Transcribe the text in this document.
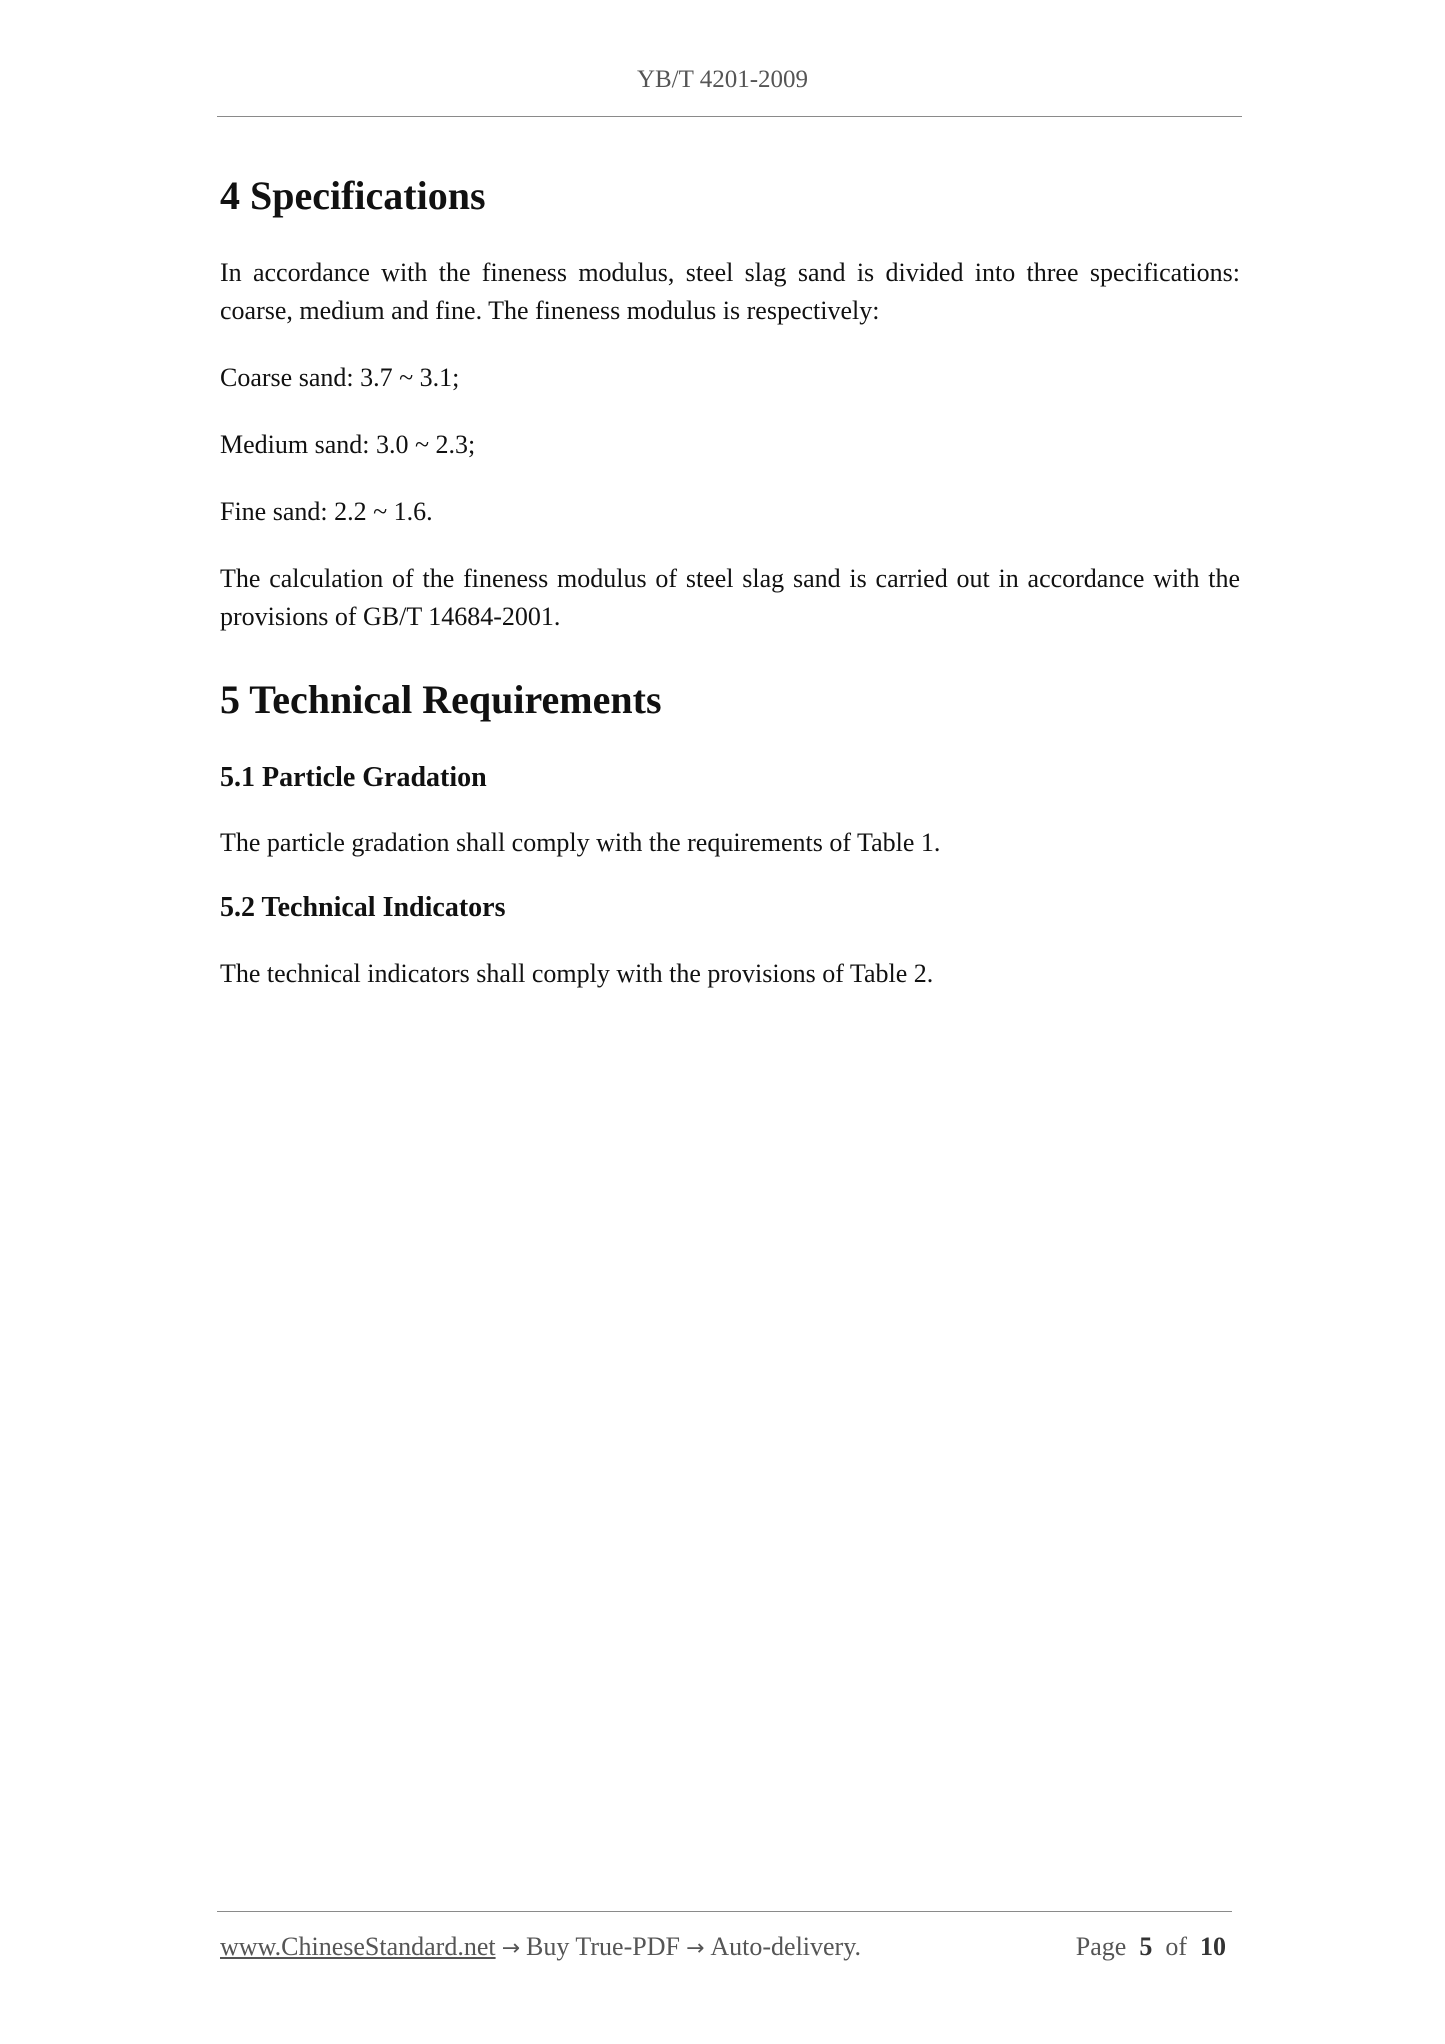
YB/T 4201-2009
4 Specifications

In accordance with the fineness modulus, steel slag sand is divided into three specifications: coarse, medium and fine. The fineness modulus is respectively:

Coarse sand: 3.7 ~ 3.1;

Medium sand: 3.0 ~ 2.3;

Fine sand: 2.2 ~ 1.6.

The calculation of the fineness modulus of steel slag sand is carried out in accordance with the provisions of GB/T 14684-2001.

5 Technical Requirements
5.1 Particle Gradation

The particle gradation shall comply with the requirements of Table 1.

5.2 Technical Indicators

The technical indicators shall comply with the provisions of Table 2.

www.ChineseStandard.net → Buy True-PDF → Auto-delivery.	Page 5 of 10
